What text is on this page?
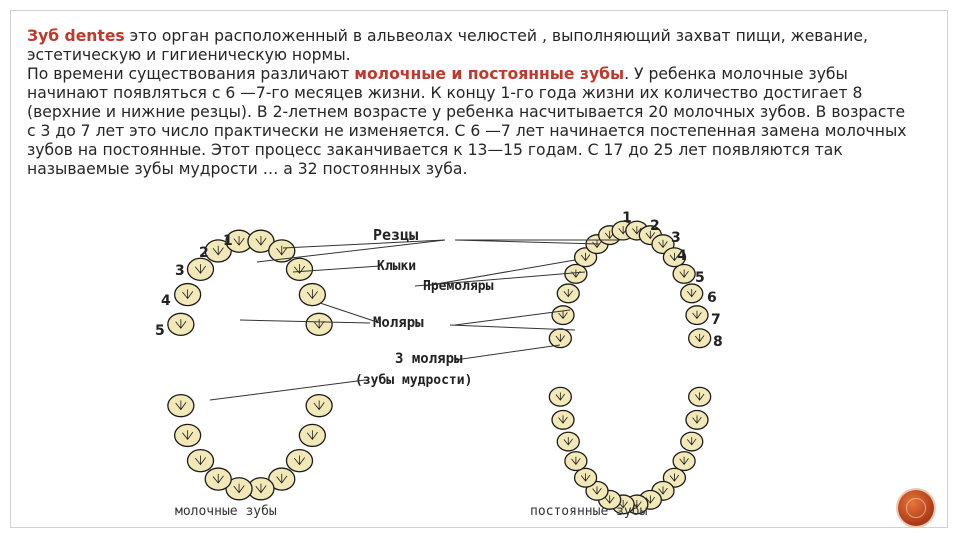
Зуб dentes это орган расположенный в альвеолах челюстей , выполняющий захват пищи, жевание, эстетическую и гигиеническую нормы.

По времени существования различают молочные и постоянные зубы. У ребенка молочные зубы начинают появляться с 6 —7-го месяцев жизни. К концу 1-го года жизни их количество достигает 8 (верхние и нижние резцы). В 2-летнем возрасте у ребенка насчитывается 20 молочных зубов. В возрасте с 3 до 7 лет это число практически не изменяется. С 6 —7 лет начинается постепенная замена молочных зубов на постоянные. Этот процесс заканчивается к 13—15 годам. С 17 до 25 лет появляются так называемые зубы мудрости … а 32 постоянных зуба.

Резцы
Клыки
Премоляры
Моляры
3 моляры
(зубы мудрости)
1
2
3
4
5
1 2
3
4
5
6
7
8
молочные зубы	постоянные зубы
